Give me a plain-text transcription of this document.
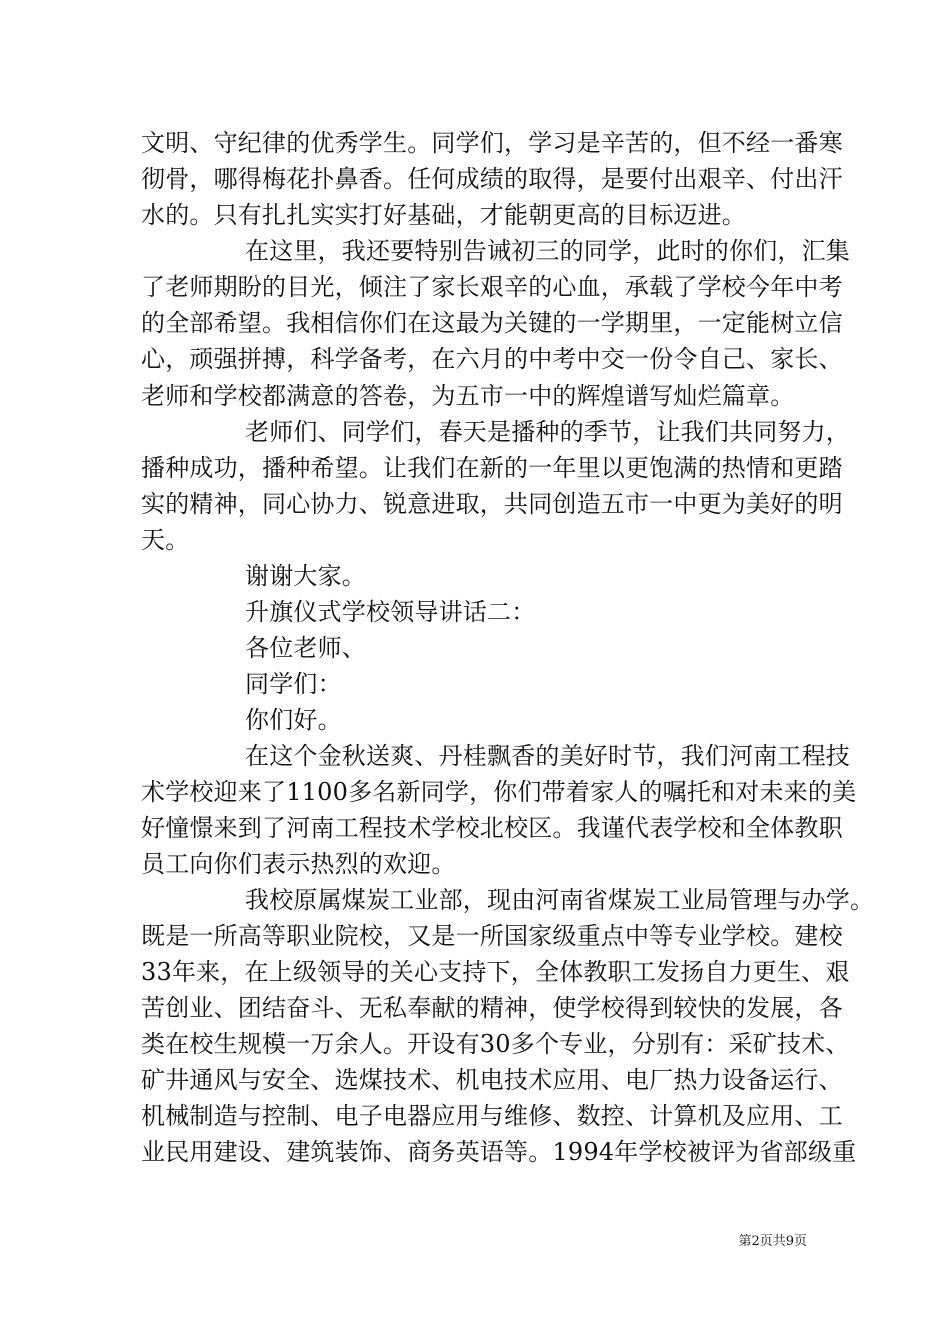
文明、守纪律的优秀学生。同学们，学习是辛苦的，但不经一番寒
彻骨，哪得梅花扑鼻香。任何成绩的取得，是要付出艰辛、付出汗
水的。只有扎扎实实打好基础，才能朝更高的目标迈进。
在这里，我还要特别告诫初三的同学，此时的你们，汇集
了老师期盼的目光，倾注了家长艰辛的心血，承载了学校今年中考
的全部希望。我相信你们在这最为关键的一学期里，一定能树立信
心，顽强拼搏，科学备考，在六月的中考中交一份令自己、家长、
老师和学校都满意的答卷，为五市一中的辉煌谱写灿烂篇章。
老师们、同学们，春天是播种的季节，让我们共同努力，
播种成功，播种希望。让我们在新的一年里以更饱满的热情和更踏
实的精神，同心协力、锐意进取，共同创造五市一中更为美好的明
天。
谢谢大家。
升旗仪式学校领导讲话二：
各位老师、
同学们：
你们好。
在这个金秋送爽、丹桂飘香的美好时节，我们河南工程技
术学校迎来了1100多名新同学，你们带着家人的嘱托和对未来的美
好憧憬来到了河南工程技术学校北校区。我谨代表学校和全体教职
员工向你们表示热烈的欢迎。
我校原属煤炭工业部，现由河南省煤炭工业局管理与办学。
既是一所高等职业院校，又是一所国家级重点中等专业学校。建校
33年来，在上级领导的关心支持下，全体教职工发扬自力更生、艰
苦创业、团结奋斗、无私奉献的精神，使学校得到较快的发展，各
类在校生规模一万余人。开设有30多个专业，分别有：采矿技术、
矿井通风与安全、选煤技术、机电技术应用、电厂热力设备运行、
机械制造与控制、电子电器应用与维修、数控、计算机及应用、工
业民用建设、建筑装饰、商务英语等。1994年学校被评为省部级重
第2页共9页
